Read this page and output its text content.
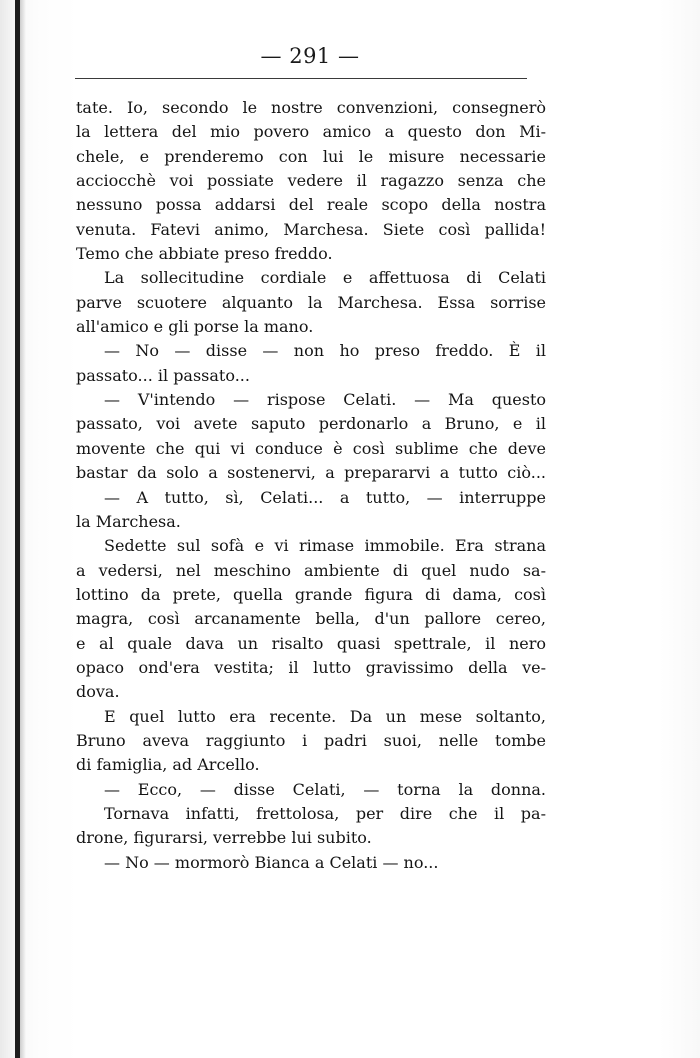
— 291 —
tate. Io, secondo le nostre convenzioni, consegnerò
la lettera del mio povero amico a questo don Mi-
chele, e prenderemo con lui le misure necessarie
acciocchè voi possiate vedere il ragazzo senza che
nessuno possa addarsi del reale scopo della nostra
venuta. Fatevi animo, Marchesa. Siete così pallida!
Temo che abbiate preso freddo.
La sollecitudine cordiale e affettuosa di Celati
parve scuotere alquanto la Marchesa. Essa sorrise
all'amico e gli porse la mano.
— No — disse — non ho preso freddo. È il
passato... il passato...
— V'intendo — rispose Celati. — Ma questo
passato, voi avete saputo perdonarlo a Bruno, e il
movente che qui vi conduce è così sublime che deve
bastar da solo a sostenervi, a prepararvi a tutto ciò...
— A tutto, sì, Celati... a tutto, — interruppe
la Marchesa.
Sedette sul sofà e vi rimase immobile. Era strana
a vedersi, nel meschino ambiente di quel nudo sa-
lottino da prete, quella grande figura di dama, così
magra, così arcanamente bella, d'un pallore cereo,
e al quale dava un risalto quasi spettrale, il nero
opaco ond'era vestita; il lutto gravissimo della ve-
dova.
E quel lutto era recente. Da un mese soltanto,
Bruno aveva raggiunto i padri suoi, nelle tombe
di famiglia, ad Arcello.
— Ecco, — disse Celati, — torna la donna.
Tornava infatti, frettolosa, per dire che il pa-
drone, figurarsi, verrebbe lui subito.
— No — mormorò Bianca a Celati — no...
